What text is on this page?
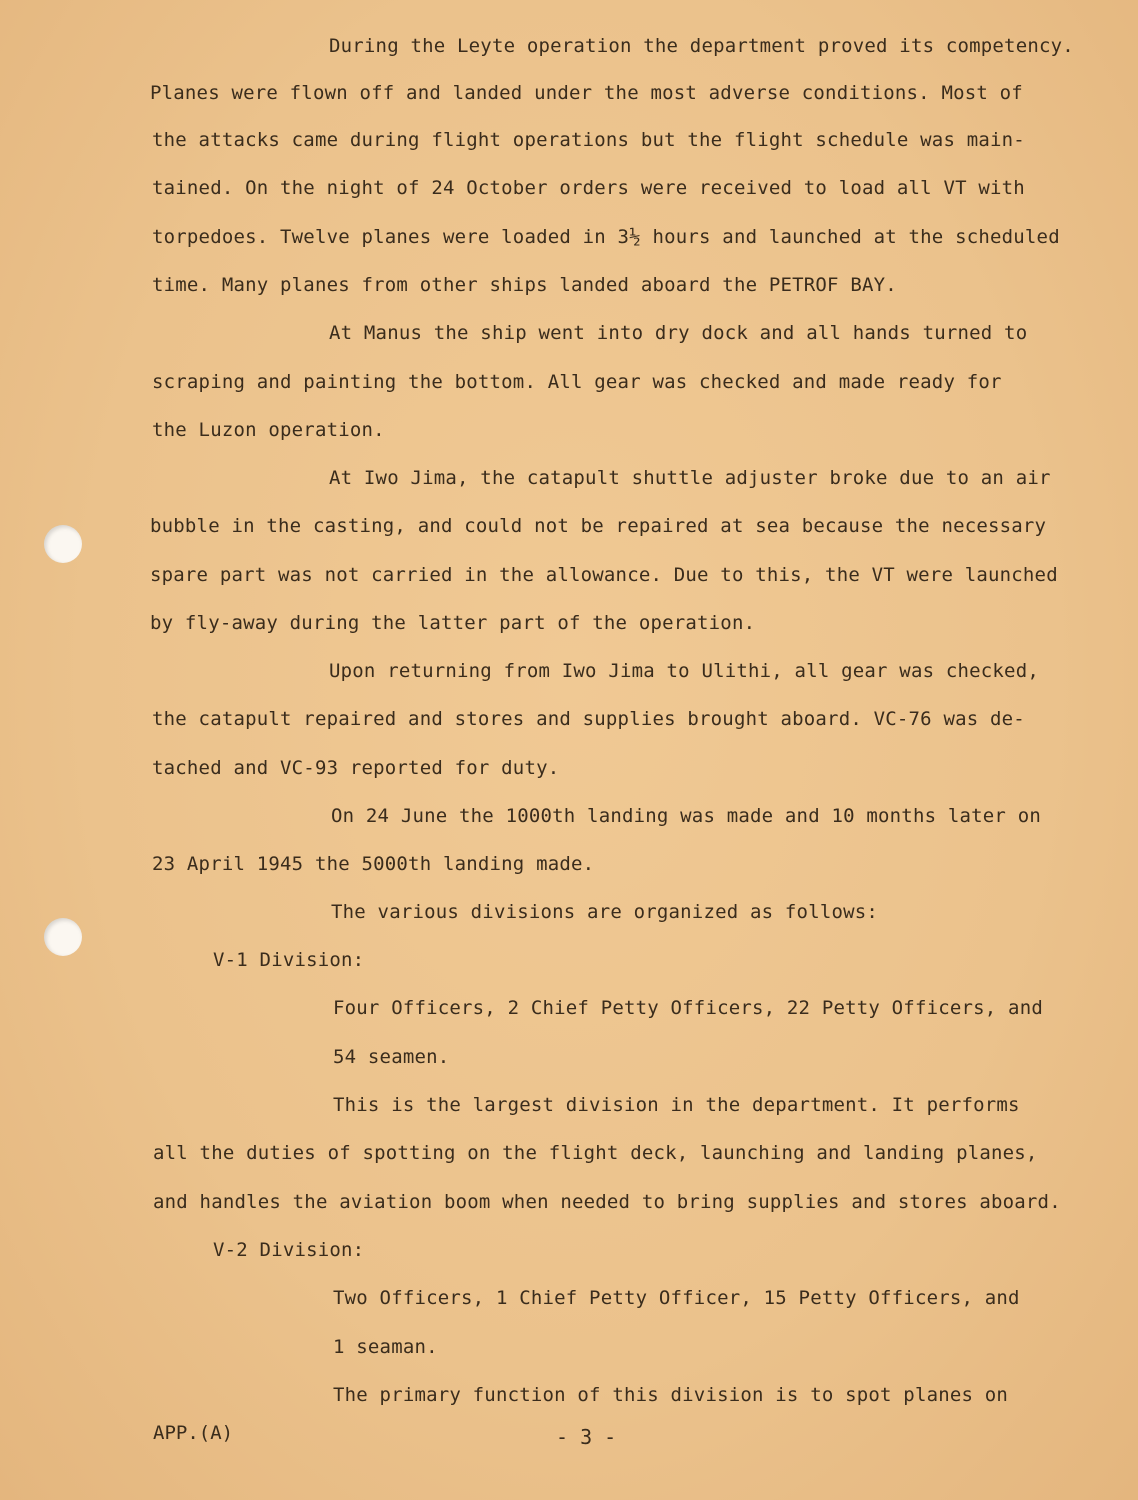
During the Leyte operation the department proved its competency.
Planes were flown off and landed under the most adverse conditions. Most of
the attacks came during flight operations but the flight schedule was main-
tained. On the night of 24 October orders were received to load all VT with
torpedoes. Twelve planes were loaded in 3½ hours and launched at the scheduled
time. Many planes from other ships landed aboard the PETROF BAY.
At Manus the ship went into dry dock and all hands turned to
scraping and painting the bottom. All gear was checked and made ready for
the Luzon operation.
At Iwo Jima, the catapult shuttle adjuster broke due to an air
bubble in the casting, and could not be repaired at sea because the necessary
spare part was not carried in the allowance. Due to this, the VT were launched
by fly-away during the latter part of the operation.
Upon returning from Iwo Jima to Ulithi, all gear was checked,
the catapult repaired and stores and supplies brought aboard. VC-76 was de-
tached and VC-93 reported for duty.
On 24 June the 1000th landing was made and 10 months later on
23 April 1945 the 5000th landing made.
The various divisions are organized as follows:
V-1 Division:
Four Officers, 2 Chief Petty Officers, 22 Petty Officers, and
54 seamen.
This is the largest division in the department. It performs
all the duties of spotting on the flight deck, launching and landing planes,
and handles the aviation boom when needed to bring supplies and stores aboard.
V-2 Division:
Two Officers, 1 Chief Petty Officer, 15 Petty Officers, and
1 seaman.
The primary function of this division is to spot planes on
APP.(A)	- 3 -
